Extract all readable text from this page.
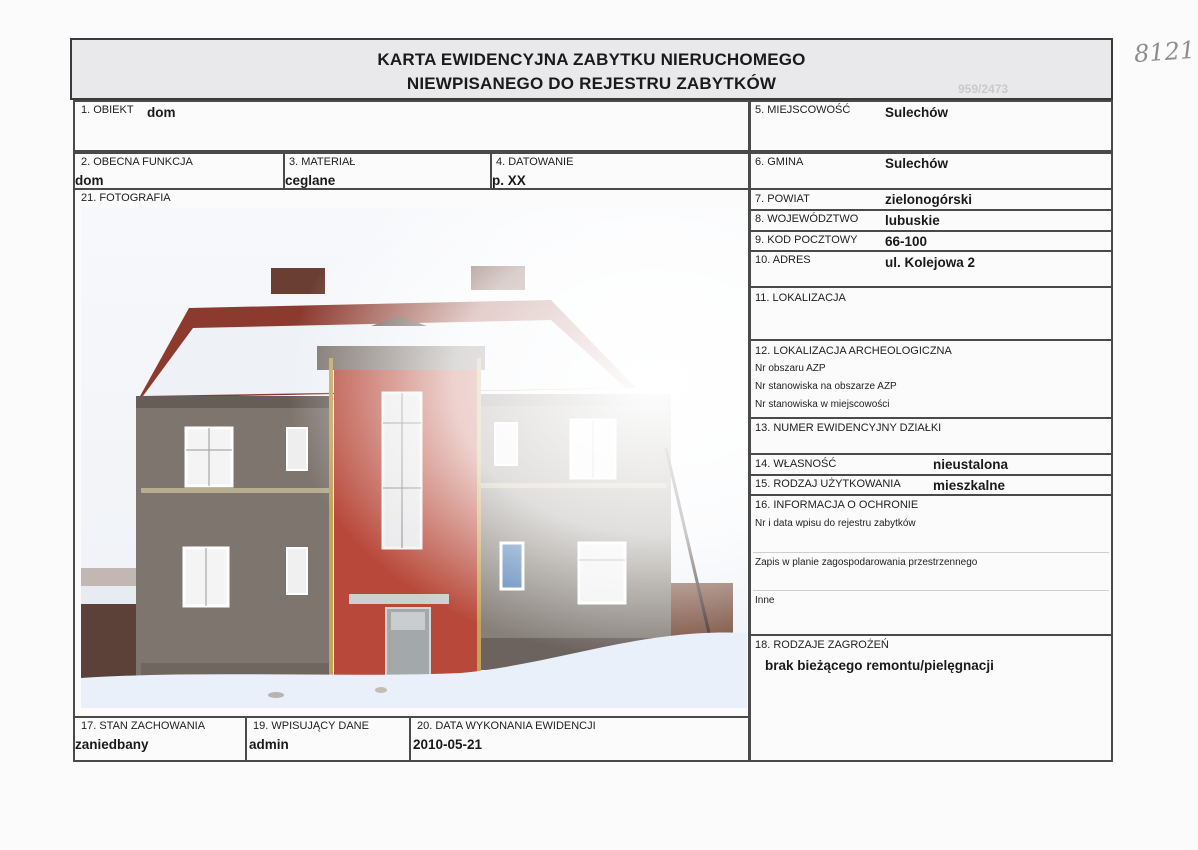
8121
KARTA EWIDENCYJNA ZABYTKU NIERUCHOMEGO
NIEWPISANEGO DO REJESTRU ZABYTKÓW	959/2473
1. OBIEKT dom
2. OBECNA FUNKCJA
dom
3. MATERIAŁ
ceglane
4. DATOWANIE
p. XX
21. FOTOGRAFIA
17. STAN ZACHOWANIA
zaniedbany
19. WPISUJĄCY DANE
admin
20. DATA WYKONANIA EWIDENCJI
2010-05-21
5. MIEJSCOWOŚĆ	Sulechów
6. GMINA	Sulechów
7. POWIAT	zielonogórski
8. WOJEWÓDZTWO lubuskie
9. KOD POCZTOWY 66-100
10. ADRES	ul. Kolejowa 2
11. LOKALIZACJA
12. LOKALIZACJA ARCHEOLOGICZNA
Nr obszaru AZP
Nr stanowiska na obszarze AZP
Nr stanowiska w miejscowości
13. NUMER EWIDENCYJNY DZIAŁKI
14. WŁASNOŚĆ	nieustalona
15. RODZAJ UŻYTKOWANIA mieszkalne
16. INFORMACJA O OCHRONIE
Nr i data wpisu do rejestru zabytków
Zapis w planie zagospodarowania przestrzennego
Inne
18. RODZAJE ZAGROŻEŃ
brak bieżącego remontu/pielęgnacji
